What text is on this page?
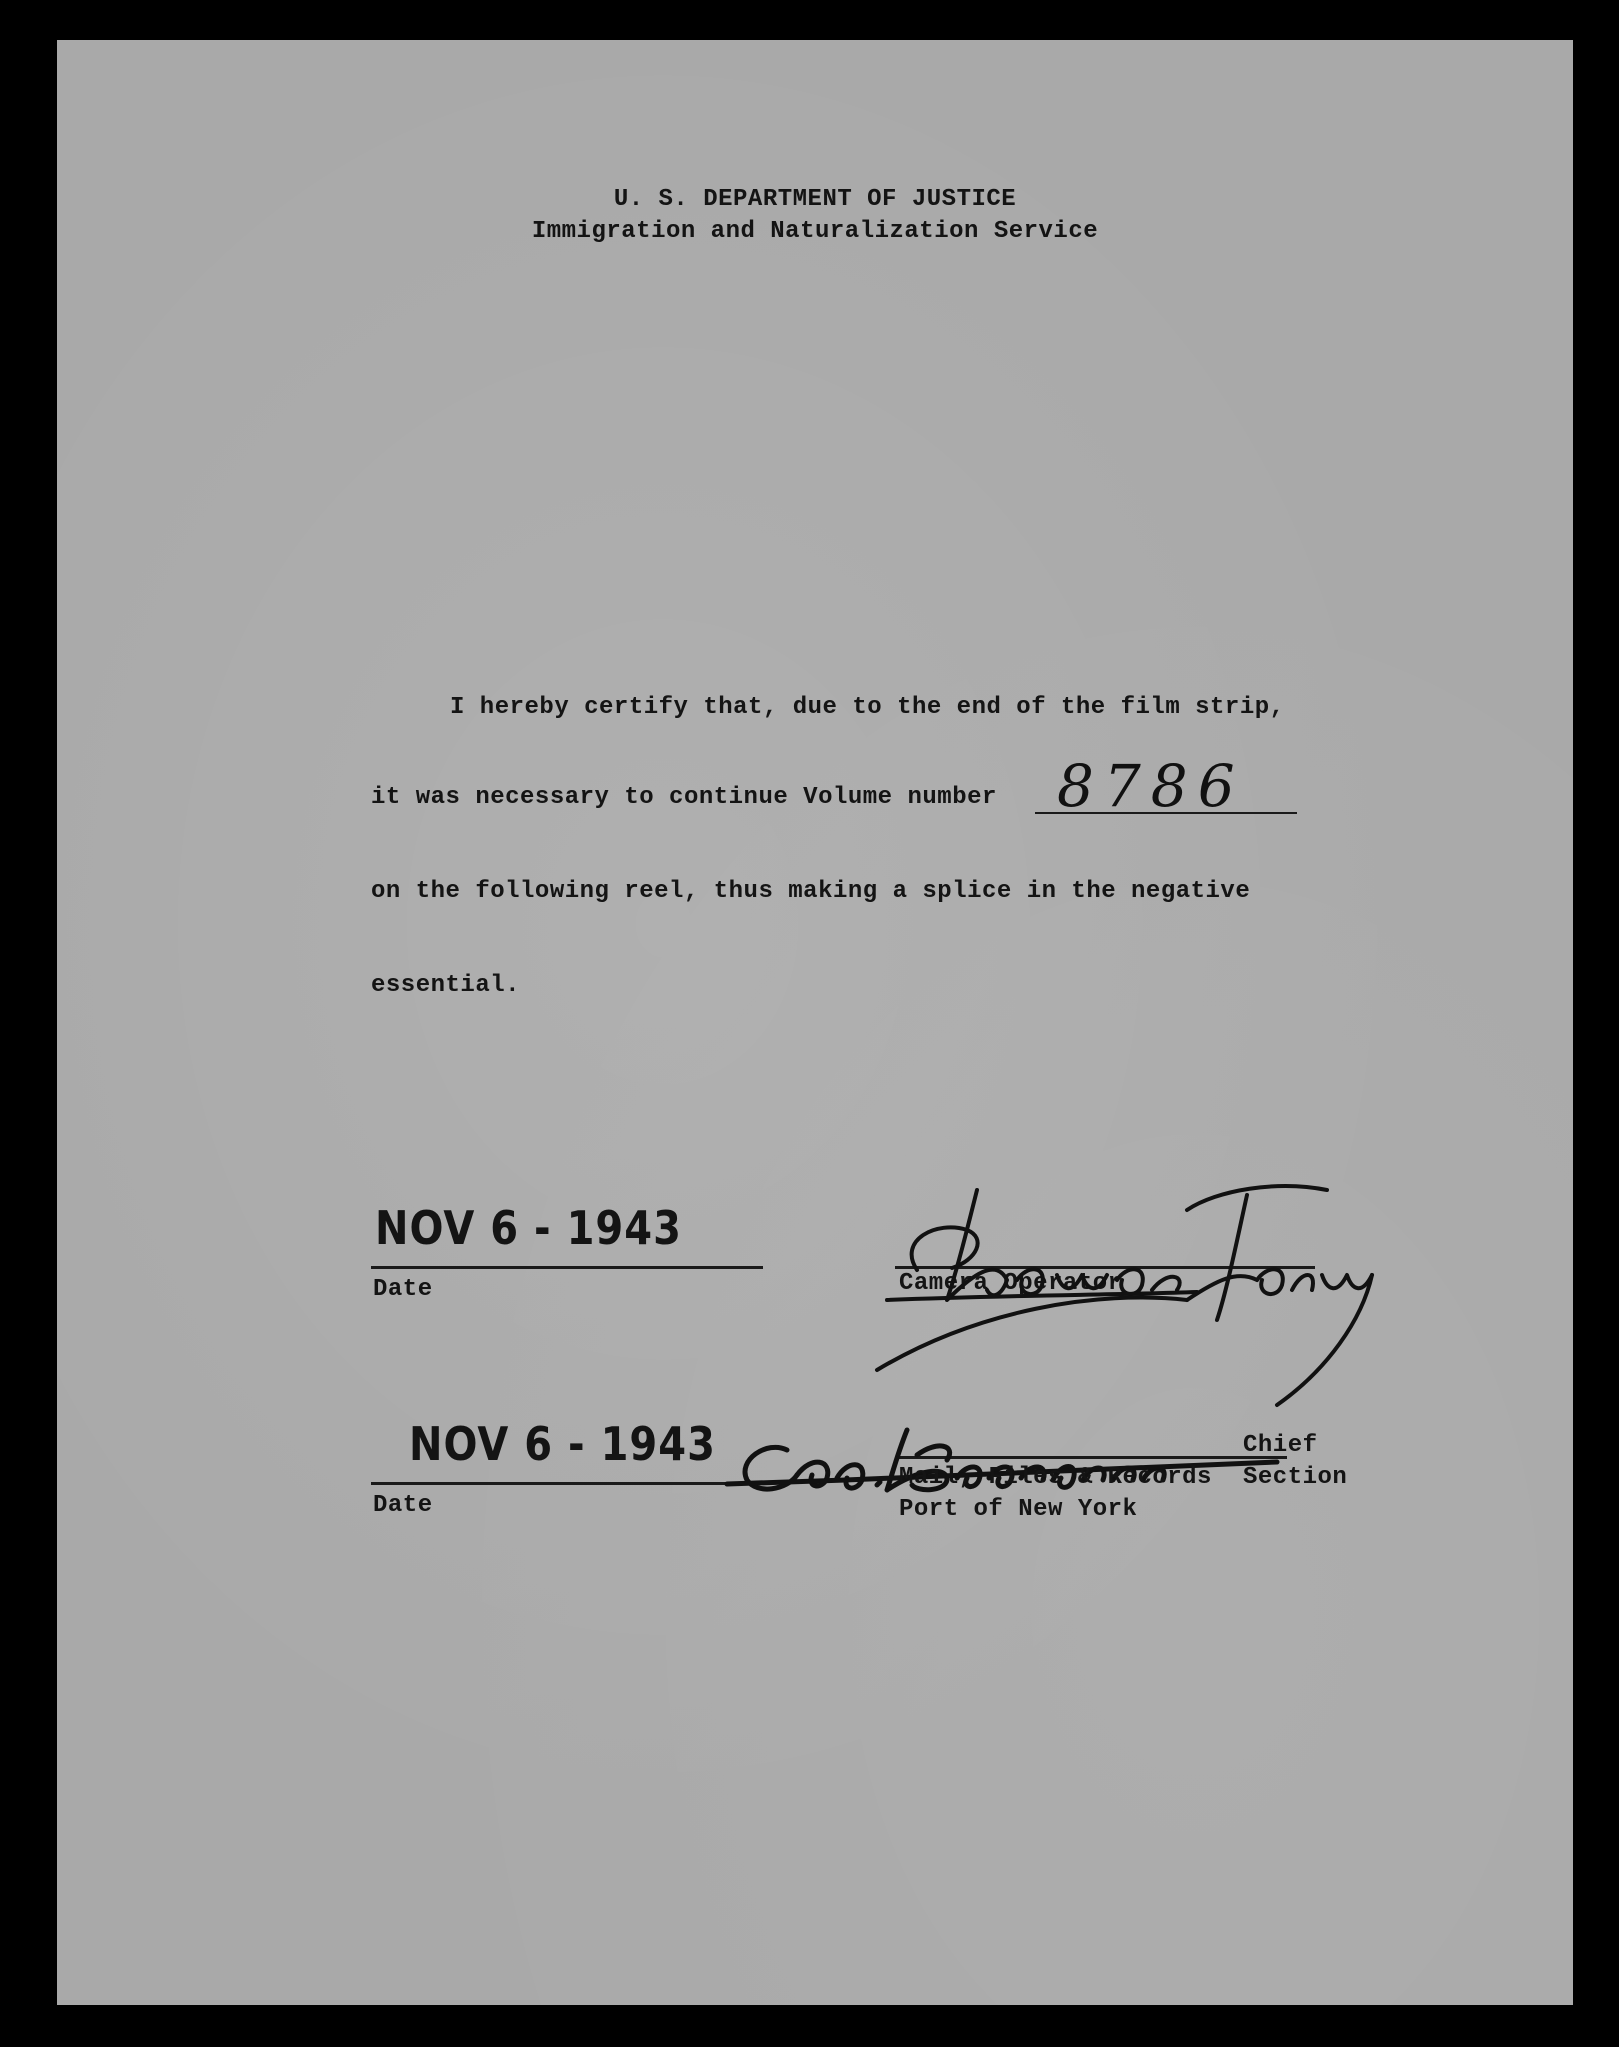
U. S. DEPARTMENT OF JUSTICE
Immigration and Naturalization Service
I hereby certify that, due to the end of the film strip,
it was necessary to continue Volume number 8786
on the following reel, thus making a splice in the negative
essential.
NOV 6 - 1943
Date	Camera Operator
NOV 6 - 1943
Date
Chief
Mail, Files & Records Section
Port of New York
